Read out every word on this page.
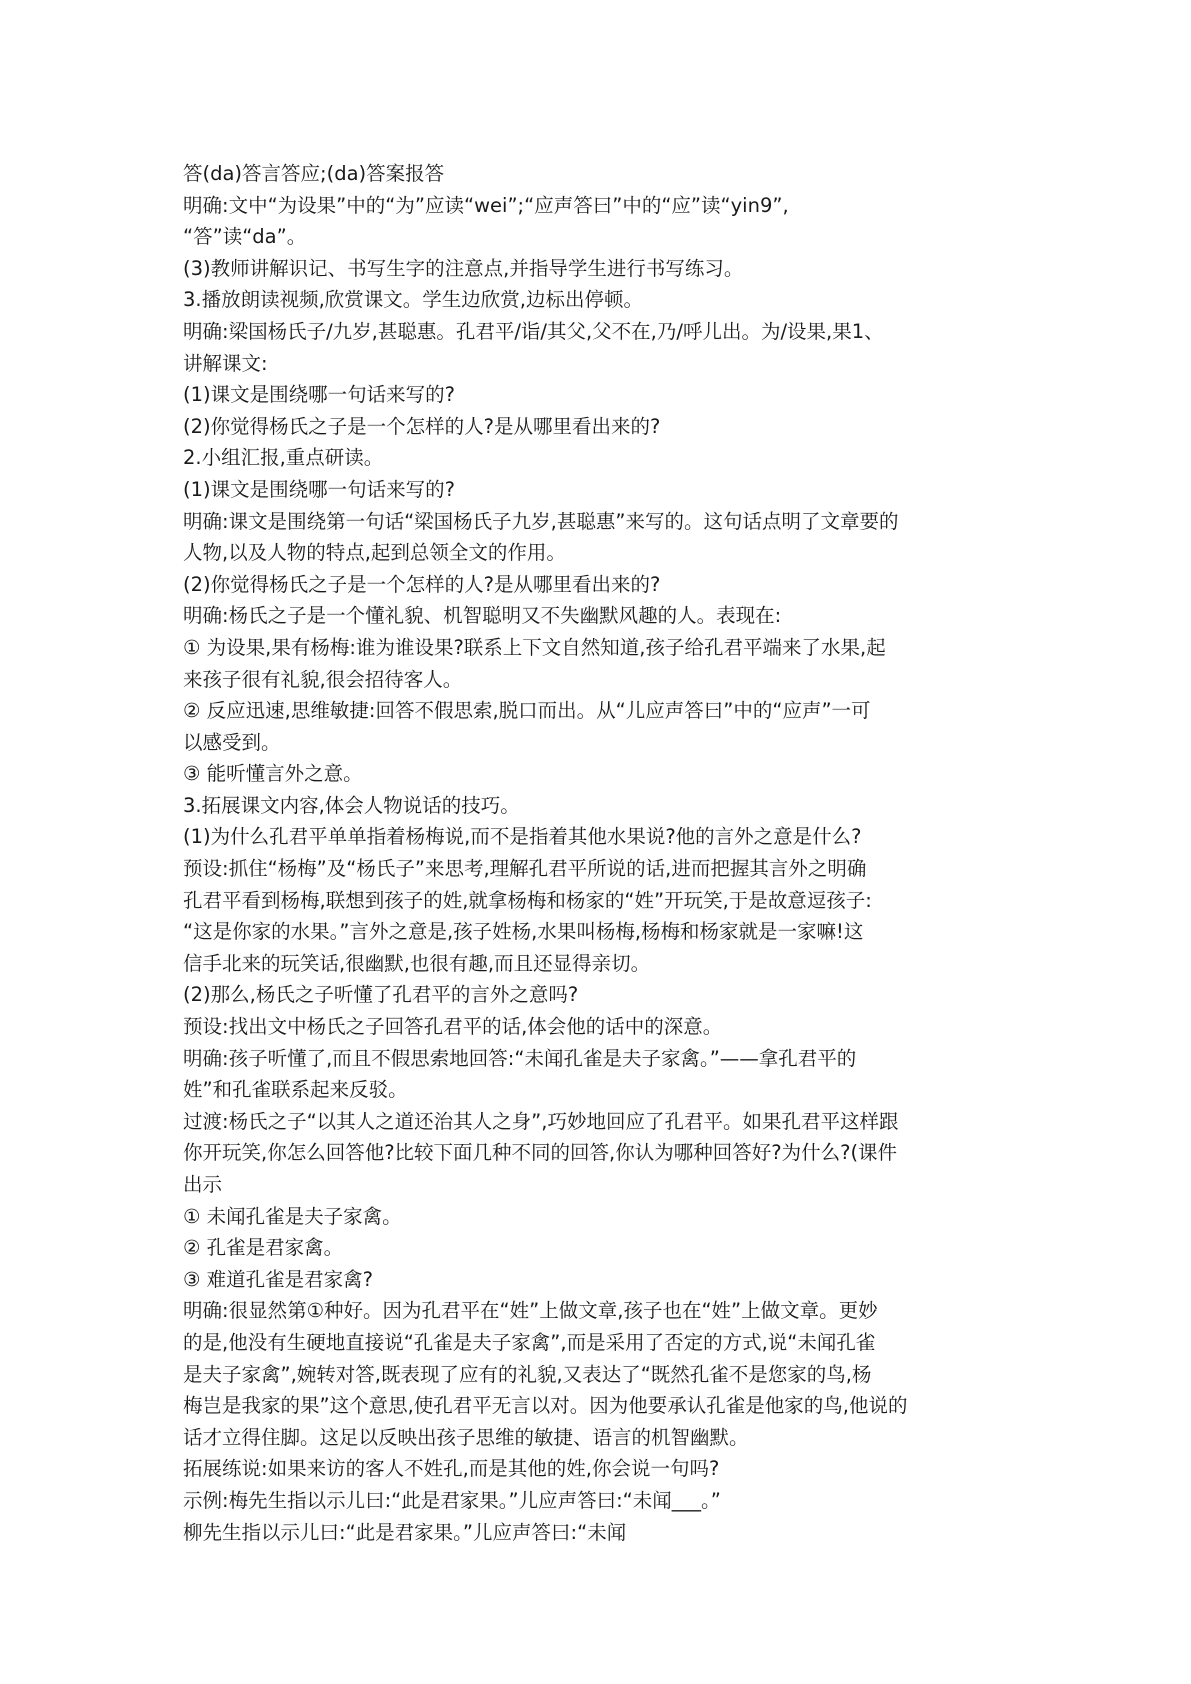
答(da)答言答应;(da)答案报答
明确:文中“为设果”中的“为”应读“wei”;“应声答曰”中的“应”读“yin9”,
“答”读“da”。
(3)教师讲解识记、书写生字的注意点,并指导学生进行书写练习。
3.播放朗读视频,欣赏课文。学生边欣赏,边标出停顿。
明确:梁国杨氏子/九岁,甚聪惠。孔君平/诣/其父,父不在,乃/呼儿出。为/设果,果1、
讲解课文:
(1)课文是围绕哪一句话来写的?
(2)你觉得杨氏之子是一个怎样的人?是从哪里看出来的?
2.小组汇报,重点研读。
(1)课文是围绕哪一句话来写的?
明确:课文是围绕第一句话“梁国杨氏子九岁,甚聪惠”来写的。这句话点明了文章要的
人物,以及人物的特点,起到总领全文的作用。
(2)你觉得杨氏之子是一个怎样的人?是从哪里看出来的?
明确:杨氏之子是一个懂礼貌、机智聪明又不失幽默风趣的人。表现在:
① 为设果,果有杨梅:谁为谁设果?联系上下文自然知道,孩子给孔君平端来了水果,起
来孩子很有礼貌,很会招待客人。
② 反应迅速,思维敏捷:回答不假思索,脱口而出。从“儿应声答曰”中的“应声”一可
以感受到。
③ 能听懂言外之意。
3.拓展课文内容,体会人物说话的技巧。
(1)为什么孔君平单单指着杨梅说,而不是指着其他水果说?他的言外之意是什么?
预设:抓住“杨梅”及“杨氏子”来思考,理解孔君平所说的话,进而把握其言外之明确
孔君平看到杨梅,联想到孩子的姓,就拿杨梅和杨家的“姓”开玩笑,于是故意逗孩子:
“这是你家的水果。”言外之意是,孩子姓杨,水果叫杨梅,杨梅和杨家就是一家嘛!这
信手北来的玩笑话,很幽默,也很有趣,而且还显得亲切。
(2)那么,杨氏之子听懂了孔君平的言外之意吗?
预设:找出文中杨氏之子回答孔君平的话,体会他的话中的深意。
明确:孩子听懂了,而且不假思索地回答:“未闻孔雀是夫子家禽。”——拿孔君平的
姓”和孔雀联系起来反驳。
过渡:杨氏之子“以其人之道还治其人之身”,巧妙地回应了孔君平。如果孔君平这样跟
你开玩笑,你怎么回答他?比较下面几种不同的回答,你认为哪种回答好?为什么?(课件
出示
① 未闻孔雀是夫子家禽。
② 孔雀是君家禽。
③ 难道孔雀是君家禽?
明确:很显然第①种好。因为孔君平在“姓”上做文章,孩子也在“姓”上做文章。更妙
的是,他没有生硬地直接说“孔雀是夫子家禽”,而是采用了否定的方式,说“未闻孔雀
是夫子家禽”,婉转对答,既表现了应有的礼貌,又表达了“既然孔雀不是您家的鸟,杨
梅岂是我家的果”这个意思,使孔君平无言以对。因为他要承认孔雀是他家的鸟,他说的
话才立得住脚。这足以反映出孩子思维的敏捷、语言的机智幽默。
拓展练说:如果来访的客人不姓孔,而是其他的姓,你会说一句吗?
示例:梅先生指以示儿曰:“此是君家果。”儿应声答曰:“未闻___。”
柳先生指以示儿曰:“此是君家果。”儿应声答曰:“未闻
